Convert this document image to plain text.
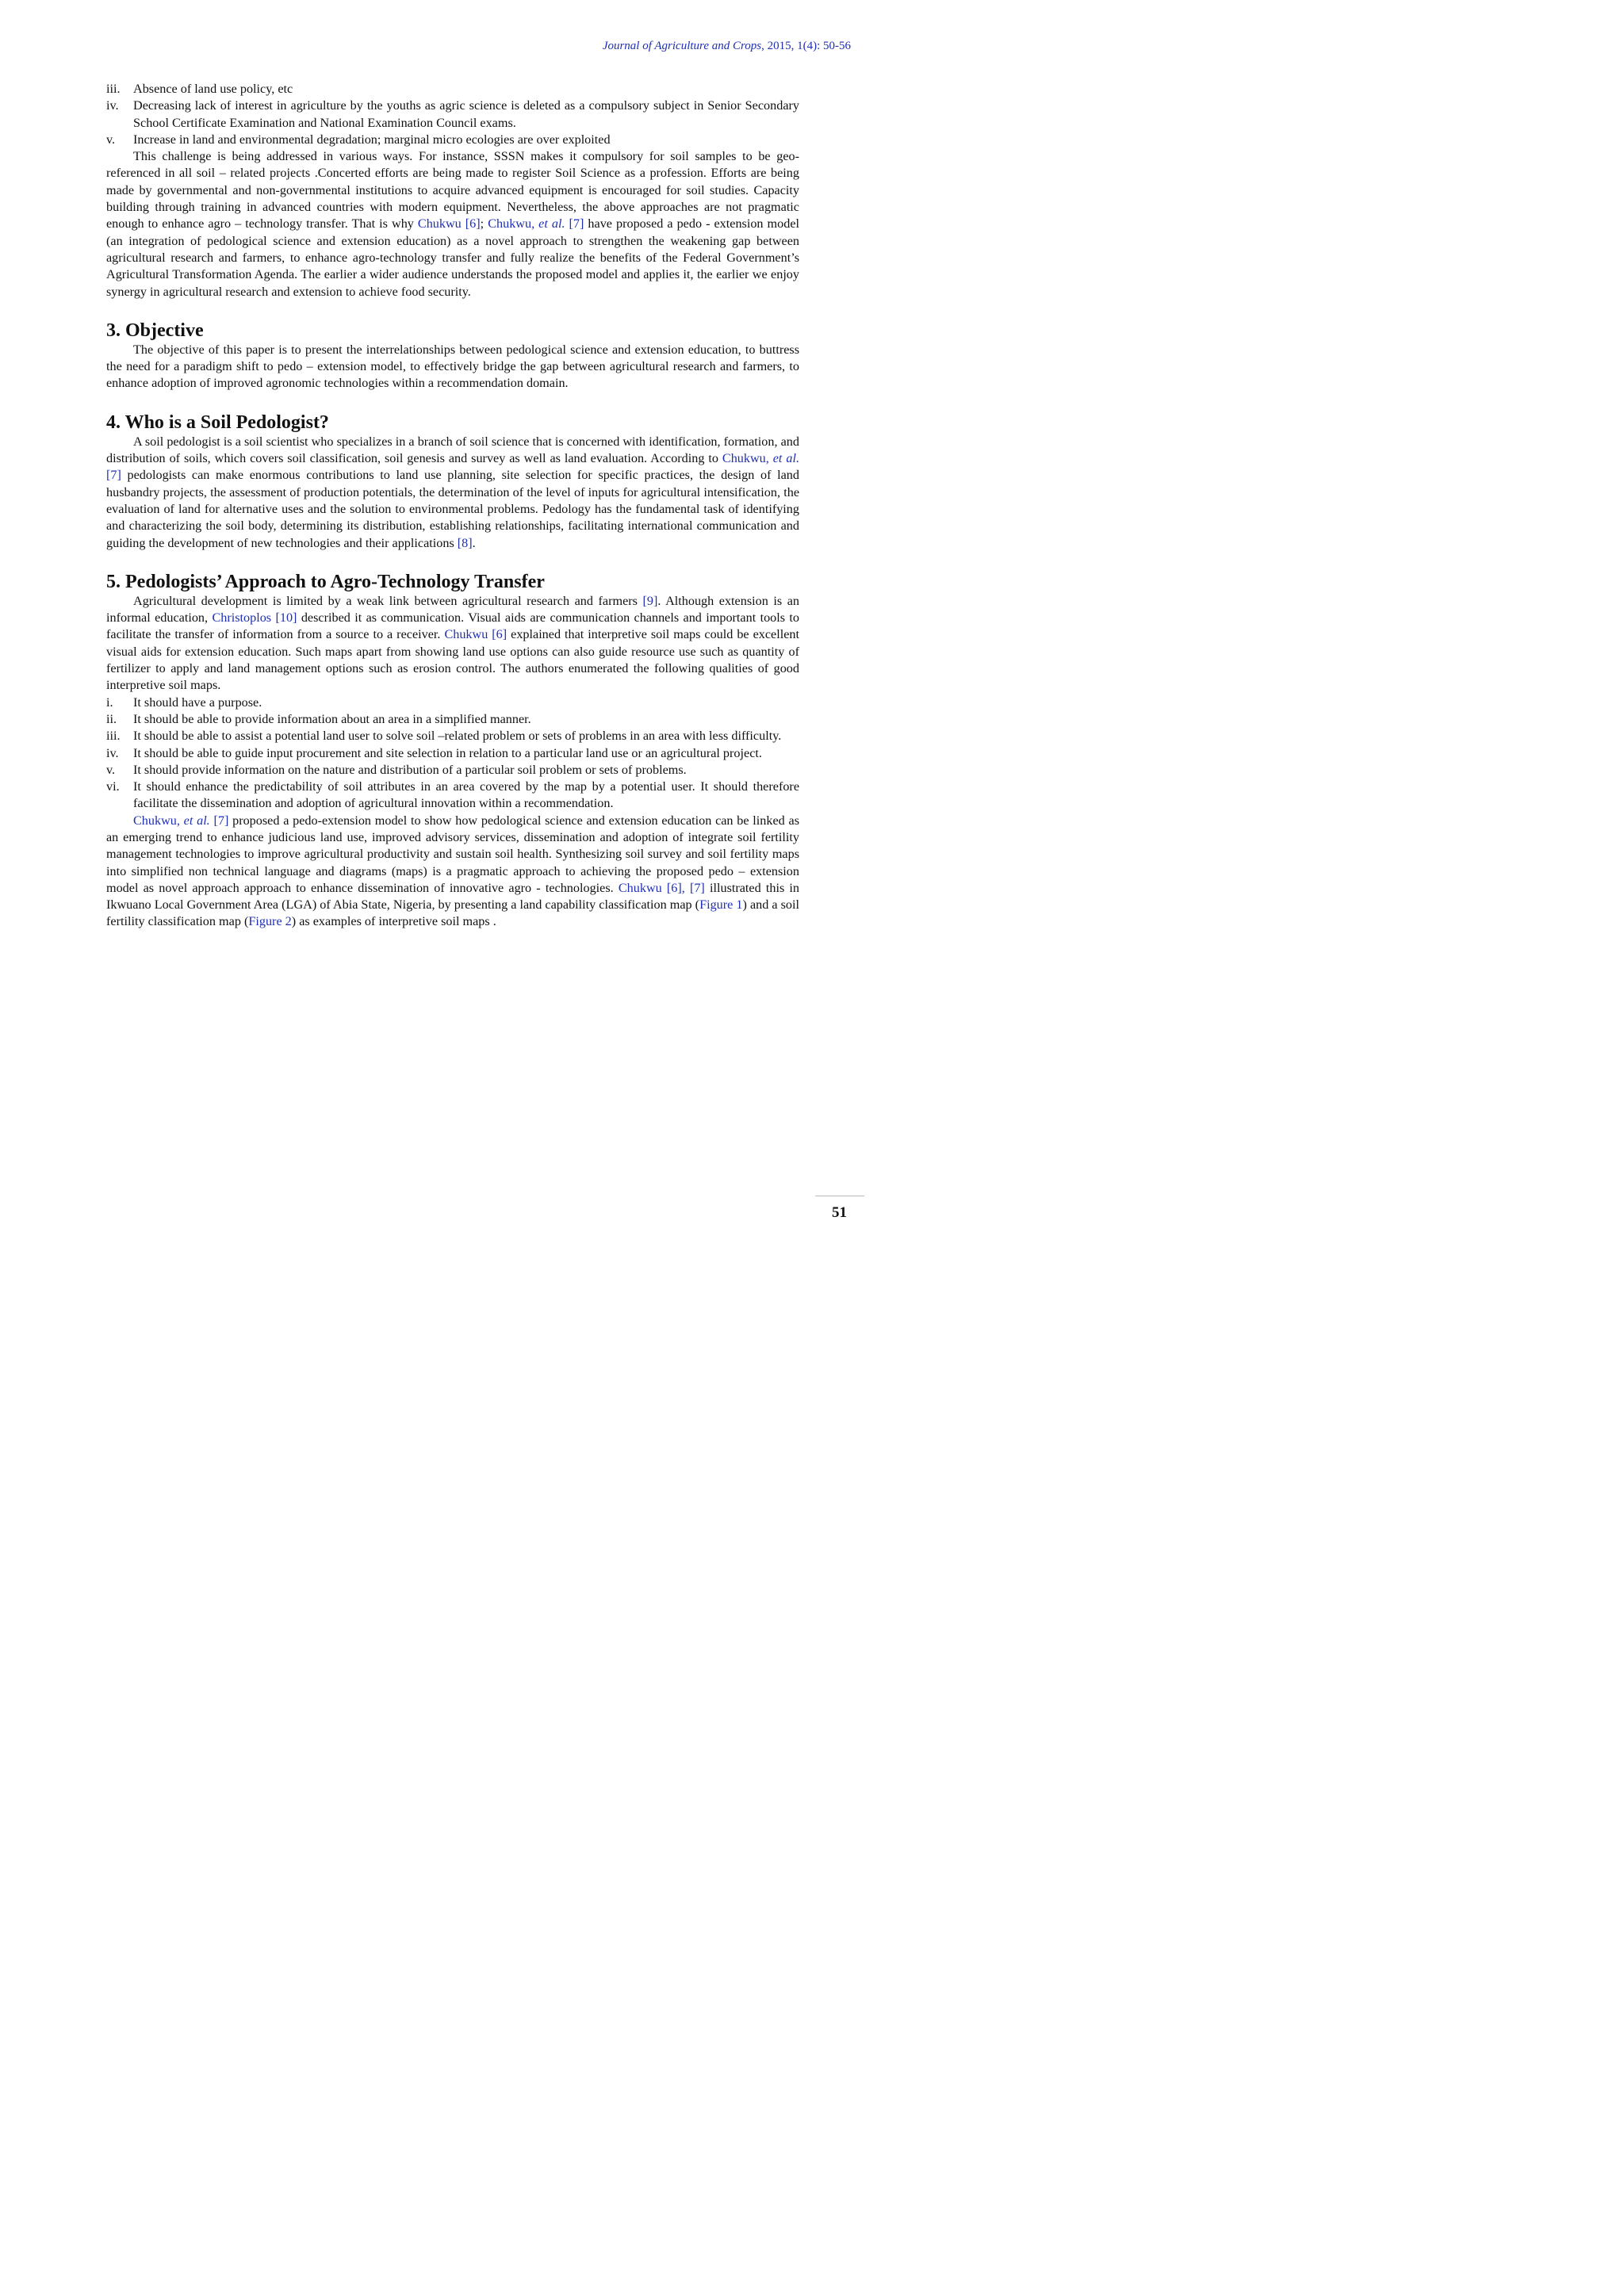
Journal of Agriculture and Crops, 2015, 1(4): 50-56
iii. Absence of land use policy, etc
iv. Decreasing lack of interest in agriculture by the youths as agric science is deleted as a compulsory subject in Senior Secondary School Certificate Examination and National Examination Council exams.
v. Increase in land and environmental degradation; marginal micro ecologies are over exploited

This challenge is being addressed in various ways. For instance, SSSN makes it compulsory for soil samples to be geo-referenced in all soil – related projects .Concerted efforts are being made to register Soil Science as a profession. Efforts are being made by governmental and non-governmental institutions to acquire advanced equipment is encouraged for soil studies. Capacity building through training in advanced countries with modern equipment. Nevertheless, the above approaches are not pragmatic enough to enhance agro – technology transfer. That is why Chukwu [6]; Chukwu, et al. [7] have proposed a pedo - extension model (an integration of pedological science and extension education) as a novel approach to strengthen the weakening gap between agricultural research and farmers, to enhance agro-technology transfer and fully realize the benefits of the Federal Government’s Agricultural Transformation Agenda. The earlier a wider audience understands the proposed model and applies it, the earlier we enjoy synergy in agricultural research and extension to achieve food security.

3. Objective

The objective of this paper is to present the interrelationships between pedological science and extension education, to buttress the need for a paradigm shift to pedo – extension model, to effectively bridge the gap between agricultural research and farmers, to enhance adoption of improved agronomic technologies within a recommendation domain.

4. Who is a Soil Pedologist?

A soil pedologist is a soil scientist who specializes in a branch of soil science that is concerned with identification, formation, and distribution of soils, which covers soil classification, soil genesis and survey as well as land evaluation. According to Chukwu, et al. [7] pedologists can make enormous contributions to land use planning, site selection for specific practices, the design of land husbandry projects, the assessment of production potentials, the determination of the level of inputs for agricultural intensification, the evaluation of land for alternative uses and the solution to environmental problems. Pedology has the fundamental task of identifying and characterizing the soil body, determining its distribution, establishing relationships, facilitating international communication and guiding the development of new technologies and their applications [8].

5. Pedologists’ Approach to Agro-Technology Transfer

Agricultural development is limited by a weak link between agricultural research and farmers [9]. Although extension is an informal education, Christoplos [10] described it as communication. Visual aids are communication channels and important tools to facilitate the transfer of information from a source to a receiver. Chukwu [6] explained that interpretive soil maps could be excellent visual aids for extension education. Such maps apart from showing land use options can also guide resource use such as quantity of fertilizer to apply and land management options such as erosion control. The authors enumerated the following qualities of good interpretive soil maps.

i. It should have a purpose.
ii. It should be able to provide information about an area in a simplified manner.
iii. It should be able to assist a potential land user to solve soil –related problem or sets of problems in an area with less difficulty.
iv. It should be able to guide input procurement and site selection in relation to a particular land use or an agricultural project.
v. It should provide information on the nature and distribution of a particular soil problem or sets of problems.
vi. It should enhance the predictability of soil attributes in an area covered by the map by a potential user. It should therefore facilitate the dissemination and adoption of agricultural innovation within a recommendation.

Chukwu, et al. [7] proposed a pedo-extension model to show how pedological science and extension education can be linked as an emerging trend to enhance judicious land use, improved advisory services, dissemination and adoption of integrate soil fertility management technologies to improve agricultural productivity and sustain soil health. Synthesizing soil survey and soil fertility maps into simplified non technical language and diagrams (maps) is a pragmatic approach to achieving the proposed pedo – extension model as novel approach approach to enhance dissemination of innovative agro - technologies. Chukwu [6], [7] illustrated this in Ikwuano Local Government Area (LGA) of Abia State, Nigeria, by presenting a land capability classification map (Figure 1) and a soil fertility classification map (Figure 2) as examples of interpretive soil maps .

51
